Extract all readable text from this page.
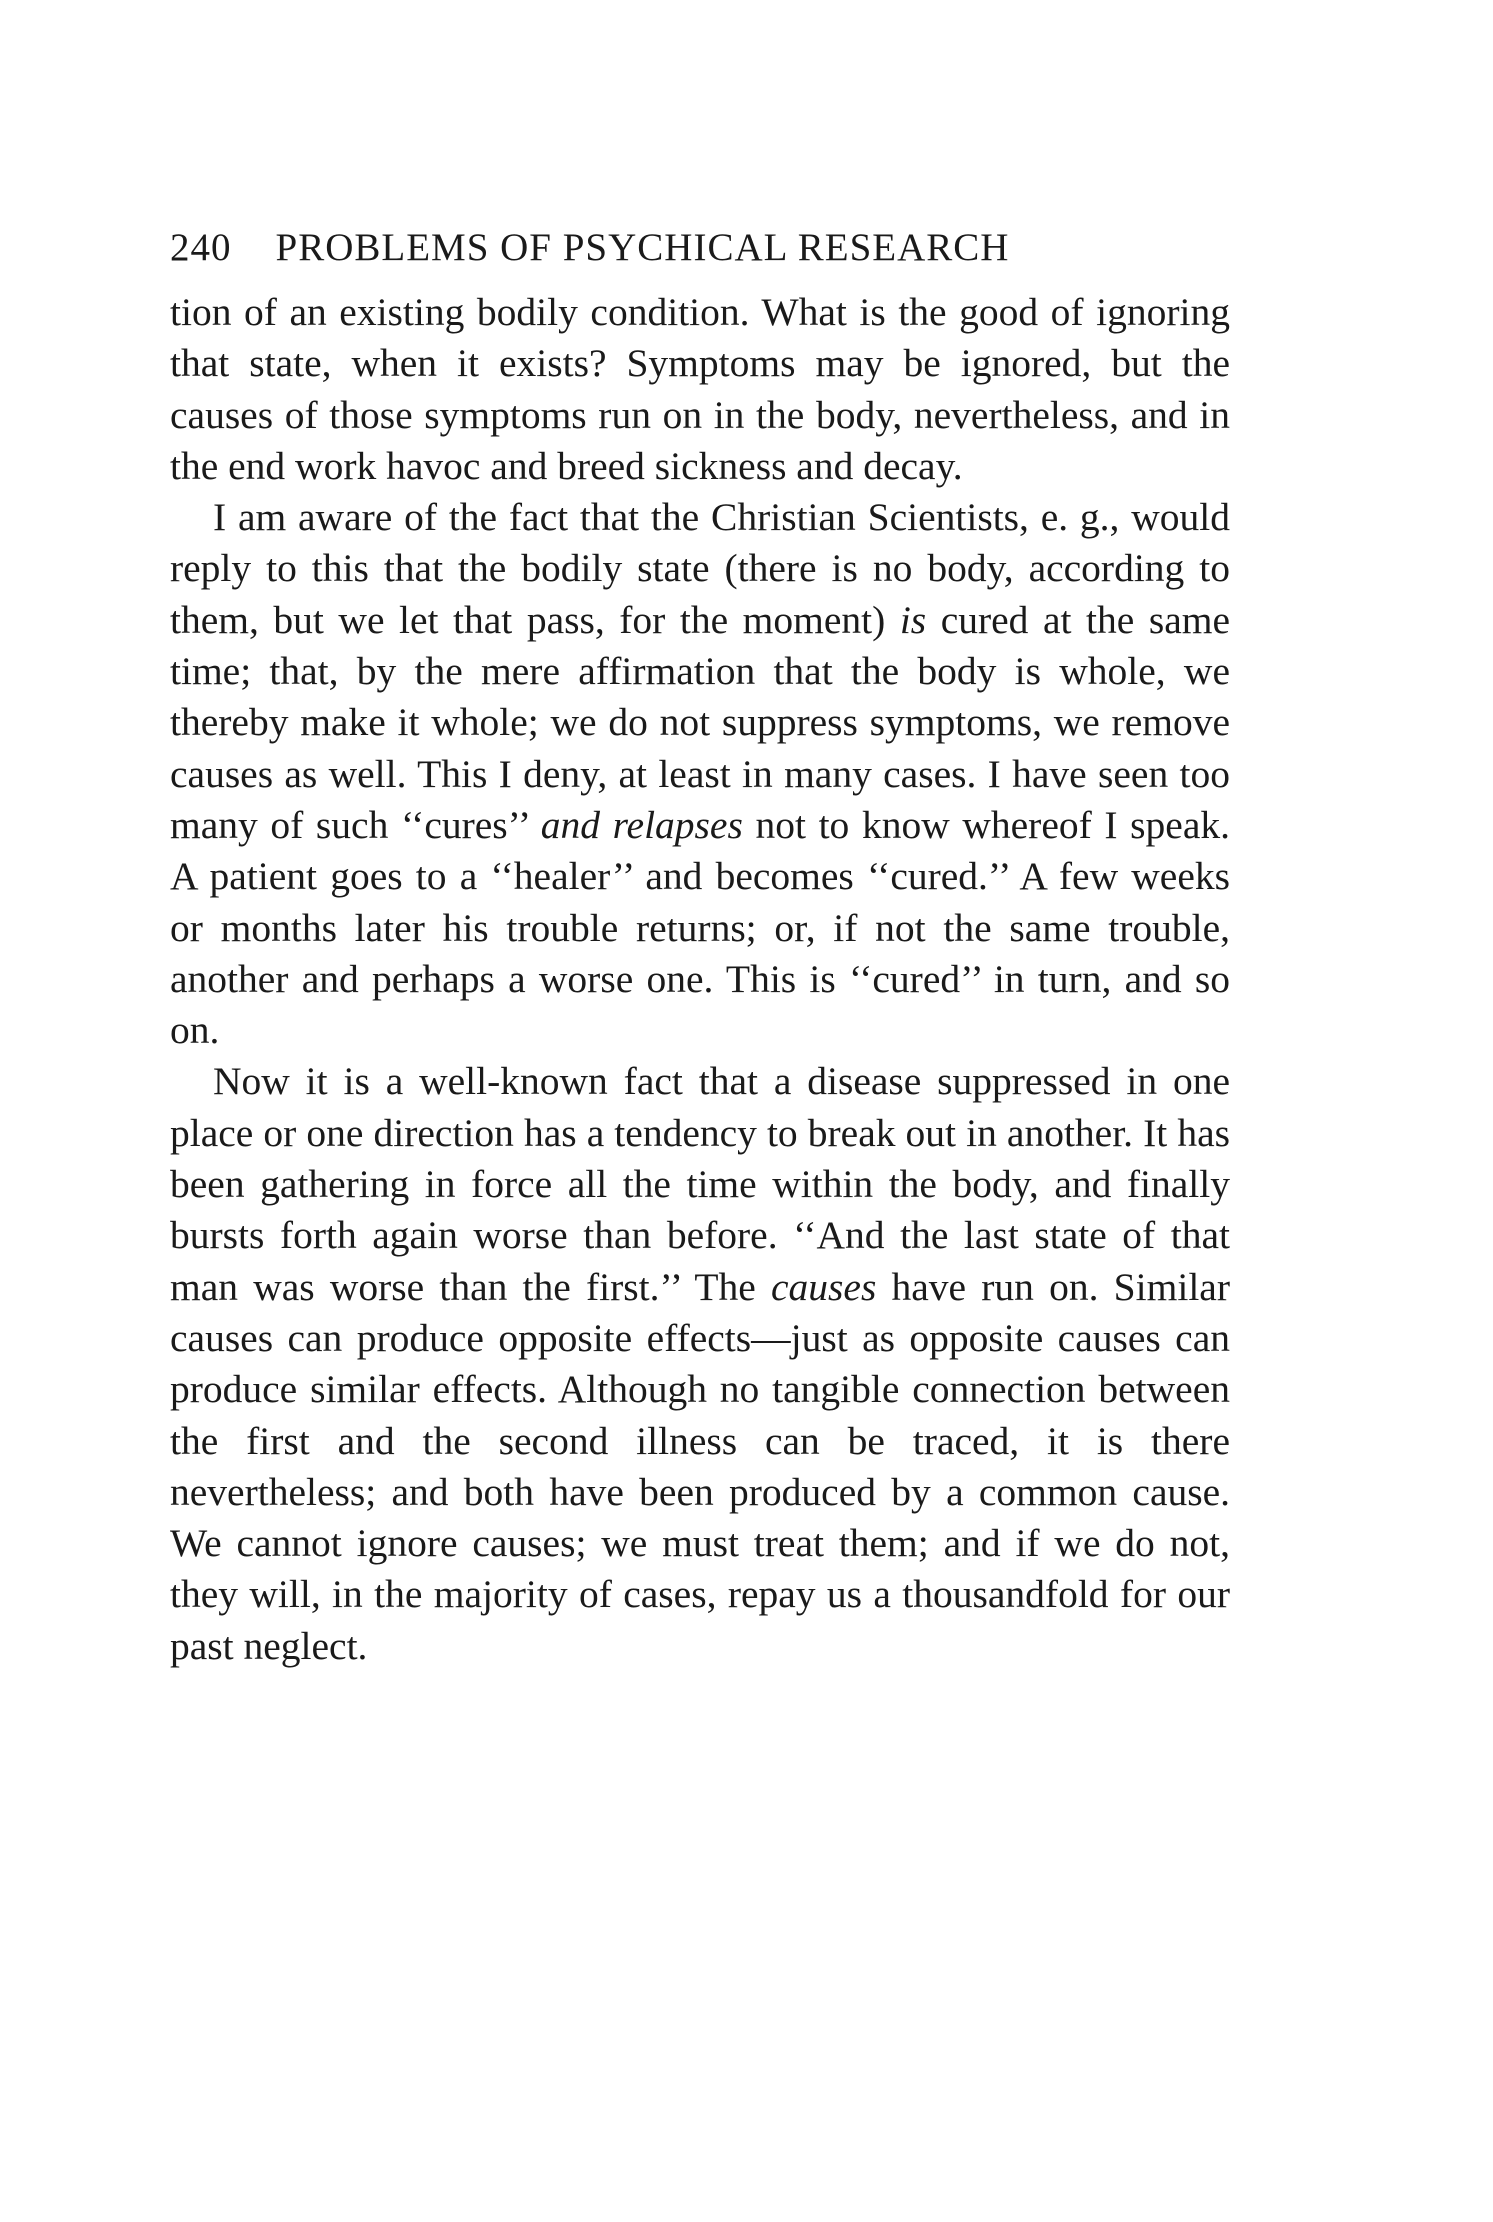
240 PROBLEMS OF PSYCHICAL RESEARCH

tion of an existing bodily condition. What is the good of ignoring that state, when it exists? Symptoms may be ignored, but the causes of those symptoms run on in the body, nevertheless, and in the end work havoc and breed sickness and decay.

I am aware of the fact that the Christian Scientists, e. g., would reply to this that the bodily state (there is no body, according to them, but we let that pass, for the moment) is cured at the same time; that, by the mere affirmation that the body is whole, we thereby make it whole; we do not suppress symptoms, we remove causes as well. This I deny, at least in many cases. I have seen too many of such ‘‘cures’’ and relapses not to know whereof I speak. A patient goes to a ‘‘healer’’ and becomes ‘‘cured.’’ A few weeks or months later his trouble returns; or, if not the same trouble, another and perhaps a worse one. This is ‘‘cured’’ in turn, and so on.

Now it is a well-known fact that a disease suppressed in one place or one direction has a tendency to break out in another. It has been gathering in force all the time within the body, and finally bursts forth again worse than before. ‘‘And the last state of that man was worse than the first.’’ The causes have run on. Similar causes can produce opposite effects—just as opposite causes can produce similar effects. Although no tangible connection between the first and the second illness can be traced, it is there nevertheless; and both have been produced by a common cause. We cannot ignore causes; we must treat them; and if we do not, they will, in the majority of cases, repay us a thousandfold for our past neglect.
